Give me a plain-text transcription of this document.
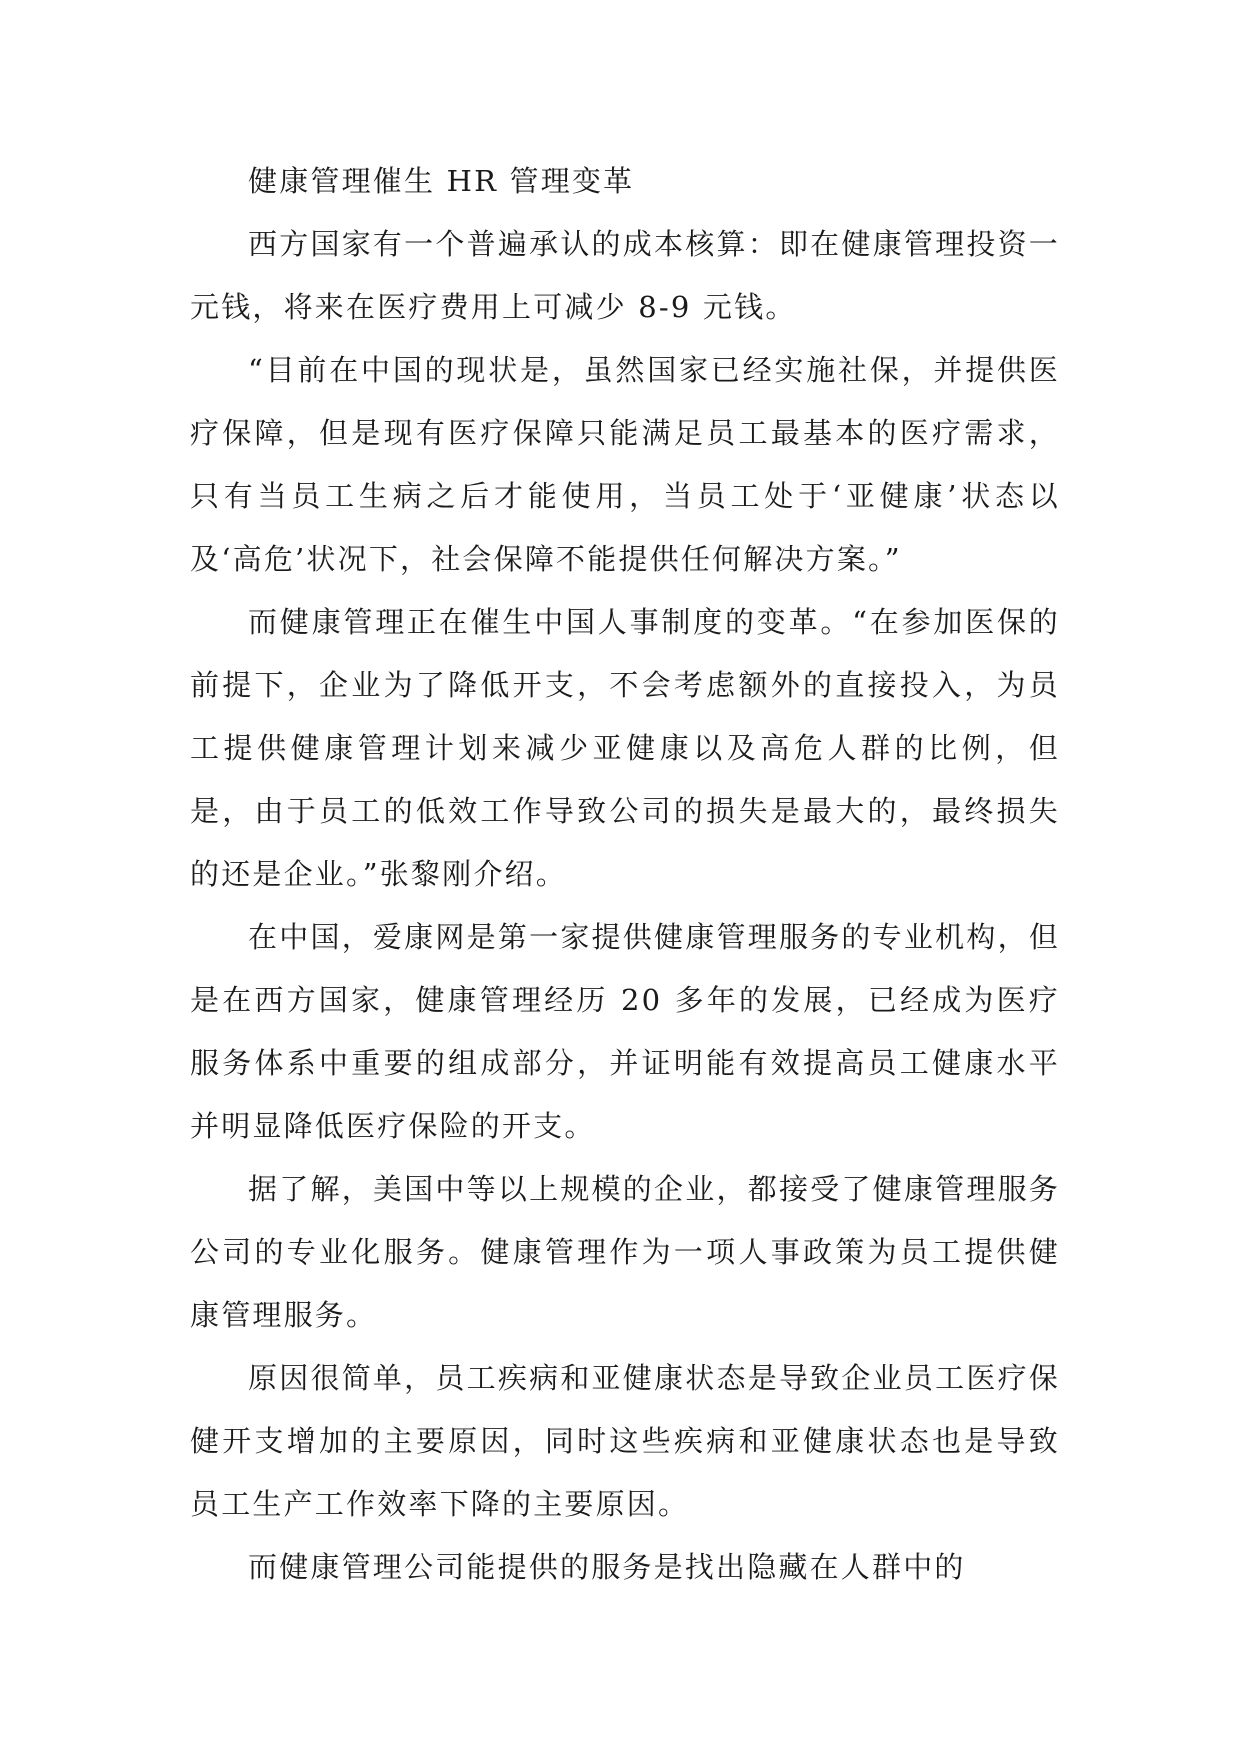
健康管理催生 HR 管理变革

西方国家有一个普遍承认的成本核算：即在健康管理投资一元钱，将来在医疗费用上可减少 8-9 元钱。

“目前在中国的现状是，虽然国家已经实施社保，并提供医疗保障，但是现有医疗保障只能满足员工最基本的医疗需求，只有当员工生病之后才能使用，当员工处于‘亚健康’状态以及‘高危’状况下，社会保障不能提供任何解决方案。”

而健康管理正在催生中国人事制度的变革。“在参加医保的前提下，企业为了降低开支，不会考虑额外的直接投入，为员工提供健康管理计划来减少亚健康以及高危人群的比例，但是，由于员工的低效工作导致公司的损失是最大的，最终损失的还是企业。”张黎刚介绍。

在中国，爱康网是第一家提供健康管理服务的专业机构，但是在西方国家，健康管理经历 20 多年的发展，已经成为医疗服务体系中重要的组成部分，并证明能有效提高员工健康水平并明显降低医疗保险的开支。

据了解，美国中等以上规模的企业，都接受了健康管理服务公司的专业化服务。健康管理作为一项人事政策为员工提供健康管理服务。

原因很简单，员工疾病和亚健康状态是导致企业员工医疗保健开支增加的主要原因，同时这些疾病和亚健康状态也是导致员工生产工作效率下降的主要原因。

而健康管理公司能提供的服务是找出隐藏在人群中的
